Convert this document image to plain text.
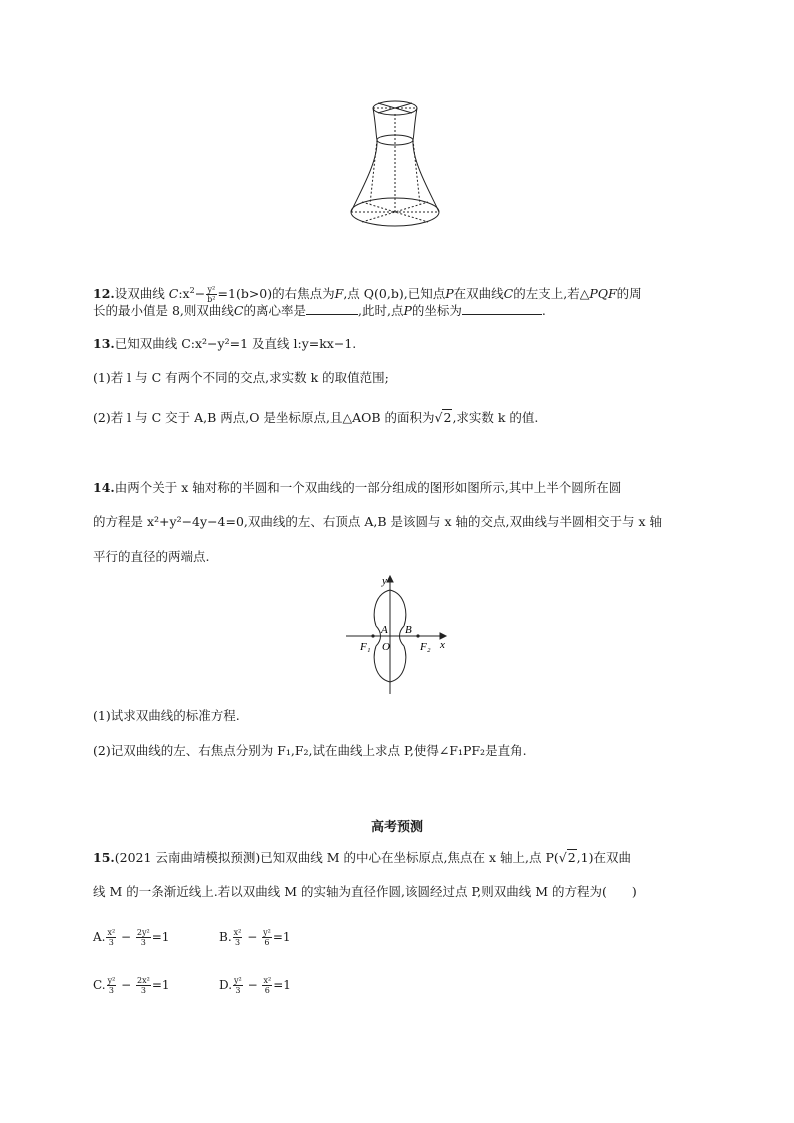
12.设双曲线 $C:x^2- \frac{\text{y²}}{\text{b²}} =1(b>0)$的右焦点为F,点 Q(0,b),已知点P在双曲线C的左支上,若△PQF的周
长的最小值是 8,则双曲线C的离心率是	,此时,点P的坐标为	.
13.已知双曲线 C:x²−y²=1 及直线 l:y=kx−1.
(1)若 l 与 C 有两个不同的交点,求实数 k 的取值范围;
(2)若 l 与 C 交于 A,B 两点,O 是坐标原点,且△AOB 的面积为√2,求实数 k 的值.
14.由两个关于 x 轴对称的半圆和一个双曲线的一部分组成的图形如图所示,其中上半个圆所在圆
的方程是 x²+y²−4y−4=0,双曲线的左、右顶点 A,B 是该圆与 x 轴的交点,双曲线与半圆相交于与 x 轴
平行的直径的两端点.
y
x
A B
O
F₁	F₂
(1)试求双曲线的标准方程.
(2)记双曲线的左、右焦点分别为 F₁,F₂,试在曲线上求点 P,使得∠F₁PF₂是直角.
高考预测
15.(2021 云南曲靖模拟预测)已知双曲线 M 的中心在坐标原点,焦点在 x 轴上,点 P(√2,1)在双曲
线 M 的一条渐近线上.若以双曲线 M 的实轴为直径作圆,该圆经过点 P,则双曲线 M 的方程为(　　)
A. $\frac{\text{x²}}{3} - \frac{\text{2y²}}{3} =1$	B. $\frac{\text{x²}}{3} - \frac{\text{y²}}{6} =1$
C. $\frac{\text{y²}}{3} - \frac{\text{2x²}}{3} =1$	D. $\frac{\text{y²}}{3} - \frac{\text{x²}}{6} =1$
